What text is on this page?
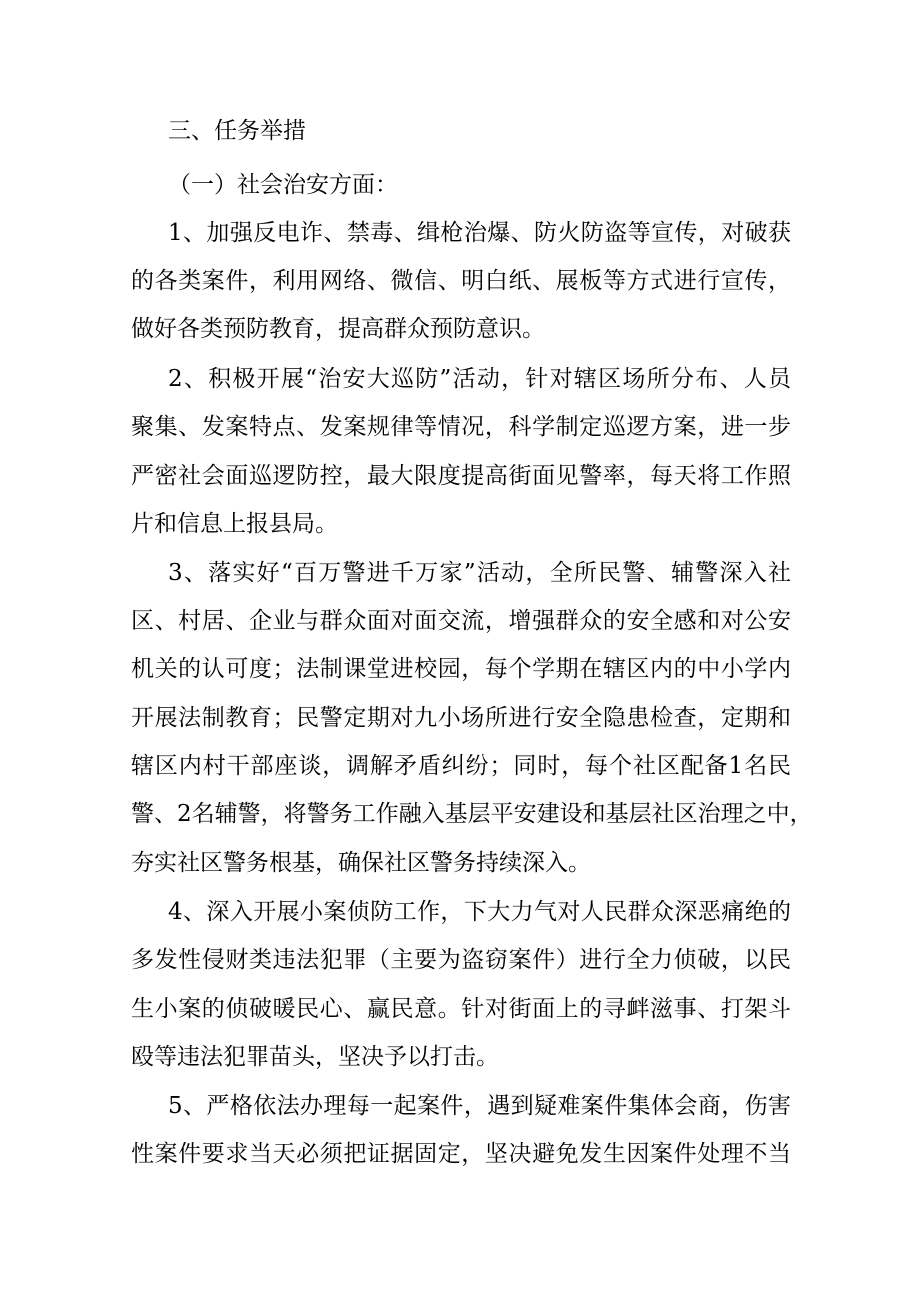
三、任务举措
（一）社会治安方面：
1、加强反电诈、禁毒、缉枪治爆、防火防盗等宣传，对破获
的各类案件，利用网络、微信、明白纸、展板等方式进行宣传，
做好各类预防教育，提高群众预防意识。
2、积极开展“治安大巡防”活动，针对辖区场所分布、人员
聚集、发案特点、发案规律等情况，科学制定巡逻方案，进一步
严密社会面巡逻防控，最大限度提高街面见警率，每天将工作照
片和信息上报县局。
3、落实好“百万警进千万家”活动，全所民警、辅警深入社
区、村居、企业与群众面对面交流，增强群众的安全感和对公安
机关的认可度；法制课堂进校园，每个学期在辖区内的中小学内
开展法制教育；民警定期对九小场所进行安全隐患检查，定期和
辖区内村干部座谈，调解矛盾纠纷；同时，每个社区配备1名民
警、2名辅警，将警务工作融入基层平安建设和基层社区治理之中，
夯实社区警务根基，确保社区警务持续深入。
4、深入开展小案侦防工作，下大力气对人民群众深恶痛绝的
多发性侵财类违法犯罪（主要为盗窃案件）进行全力侦破，以民
生小案的侦破暖民心、赢民意。针对街面上的寻衅滋事、打架斗
殴等违法犯罪苗头，坚决予以打击。
5、严格依法办理每一起案件，遇到疑难案件集体会商，伤害
性案件要求当天必须把证据固定，坚决避免发生因案件处理不当
